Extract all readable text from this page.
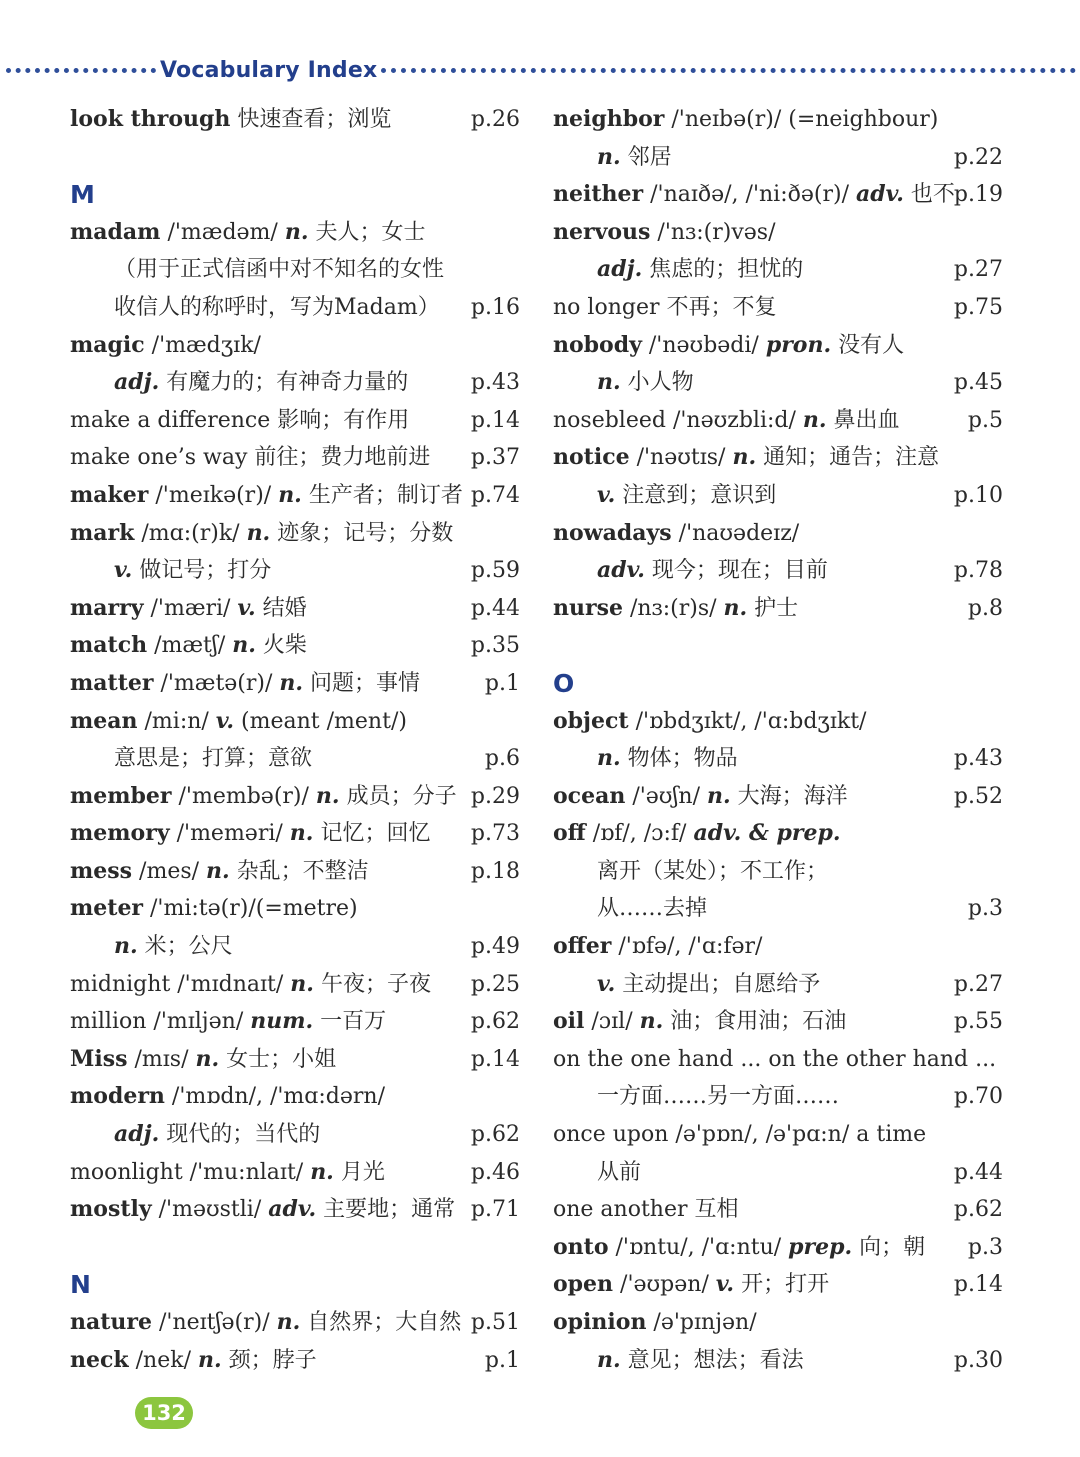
Vocabulary Index
look through 快速查看；浏览	p.26
M
madam /'mædəm/ n. 夫人；女士
（用于正式信函中对不知名的女性
收信人的称呼时，写为Madam） p.16
magic /'mædʒɪk/
adj. 有魔力的；有神奇力量的	p.43
make a difference 影响；有作用	p.14
make one’s way 前往；费力地前进 p.37
maker /'meɪkə(r)/ n. 生产者；制订者 p.74
mark /mɑ:(r)k/ n. 迹象；记号；分数
v. 做记号；打分	p.59
marry /'mæri/ v. 结婚	p.44
match /mætʃ/ n. 火柴	p.35
matter /'mætə(r)/ n. 问题；事情	p.1
mean /mi:n/ v. (meant /ment/)
意思是；打算；意欲	p.6
member /'membə(r)/ n. 成员；分子 p.29
memory /'meməri/ n. 记忆；回忆 p.73
mess /mes/ n. 杂乱；不整洁	p.18
meter /'mi:tə(r)/(=metre)
n. 米；公尺	p.49
midnight /'mɪdnaɪt/ n. 午夜；子夜 p.25
million /'mɪljən/ num. 一百万	p.62
Miss /mɪs/ n. 女士；小姐	p.14
modern /'mɒdn/, /'mɑ:dərn/
adj. 现代的；当代的	p.62
moonlight /'mu:nlaɪt/ n. 月光	p.46
mostly /'məʊstli/ adv. 主要地；通常 p.71
N
nature /'neɪtʃə(r)/ n. 自然界；大自然 p.51
neck /nek/ n. 颈；脖子	p.1
neighbor /'neɪbə(r)/ (=neighbour)
n. 邻居	p.22
neither /'naɪðə/, /'ni:ðə(r)/ adv. 也不 p.19
nervous /'nɜ:(r)vəs/
adj. 焦虑的；担忧的	p.27
no longer 不再；不复	p.75
nobody /'nəʊbədi/ pron. 没有人
n. 小人物	p.45
nosebleed /'nəʊzbli:d/ n. 鼻出血	p.5
notice /'nəʊtɪs/ n. 通知；通告；注意
v. 注意到；意识到	p.10
nowadays /'naʊədeɪz/
adv. 现今；现在；目前	p.78
nurse /nɜ:(r)s/ n. 护士	p.8
O
object /'ɒbdʒɪkt/, /'ɑ:bdʒɪkt/
n. 物体；物品	p.43
ocean /'əʊʃn/ n. 大海；海洋	p.52
off /ɒf/, /ɔ:f/ adv. & prep.
离开（某处）；不工作；
从……去掉	p.3
offer /'ɒfə/, /'ɑ:fər/
v. 主动提出；自愿给予	p.27
oil /ɔɪl/ n. 油；食用油；石油	p.55
on the one hand ... on the other hand ...
一方面……另一方面……	p.70
once upon /ə'pɒn/, /ə'pɑ:n/ a time
从前	p.44
one another 互相	p.62
onto /'ɒntu/, /'ɑ:ntu/ prep. 向；朝 p.3
open /'əʊpən/ v. 开；打开	p.14
opinion /ə'pɪnjən/
n. 意见；想法；看法	p.30
132
